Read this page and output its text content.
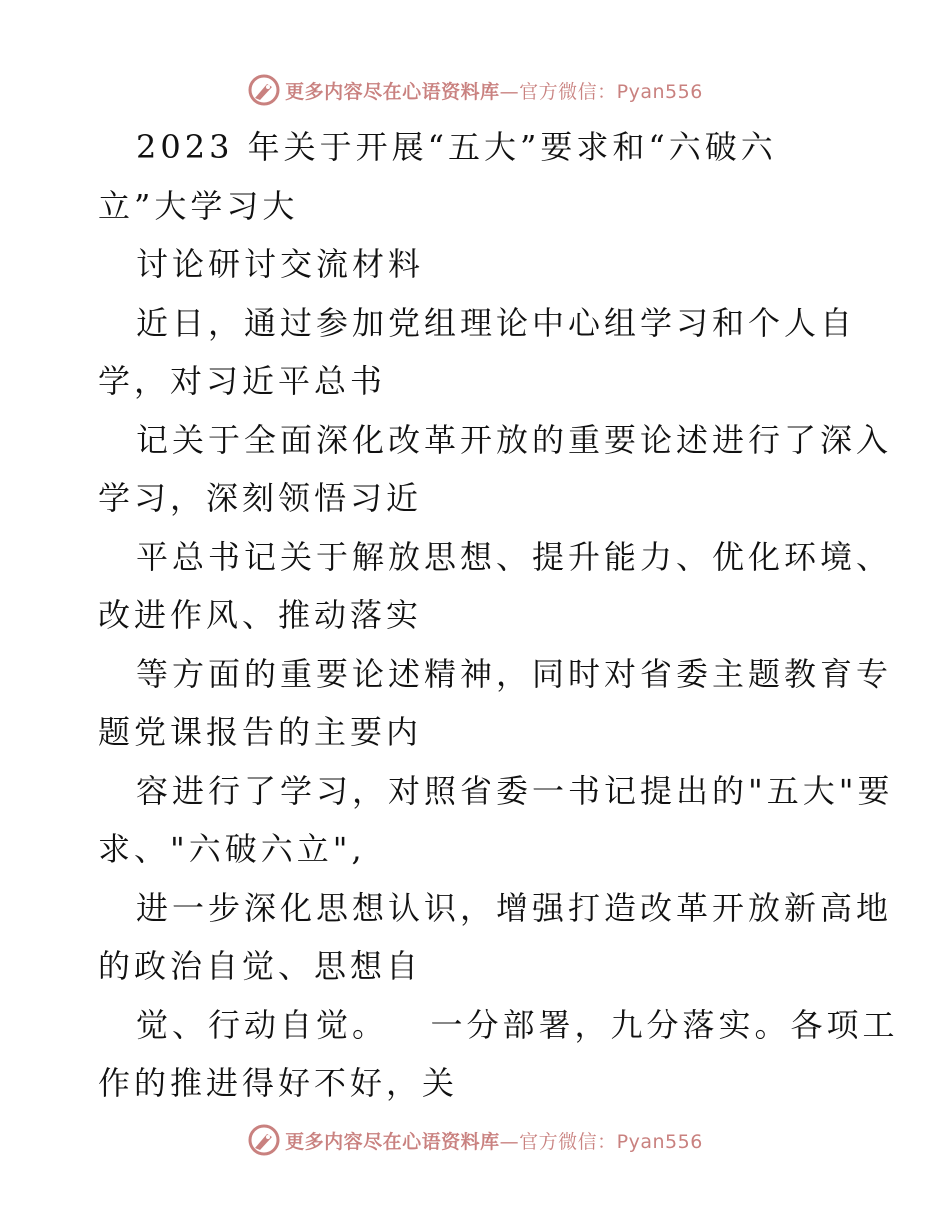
更多内容尽在心语资料库—官方微信：Pyan556
2023 年关于开展“五大”要求和“六破六
立”大学习大
讨论研讨交流材料
近日，通过参加党组理论中心组学习和个人自
学，对习近平总书
记关于全面深化改革开放的重要论述进行了深入
学习，深刻领悟习近
平总书记关于解放思想、提升能力、优化环境、
改进作风、推动落实
等方面的重要论述精神，同时对省委主题教育专
题党课报告的主要内
容进行了学习，对照省委一书记提出的"五大"要
求、"六破六立",
进一步深化思想认识，增强打造改革开放新高地
的政治自觉、思想自
觉、行动自觉。   一分部署，九分落实。各项工
作的推进得好不好，关
更多内容尽在心语资料库—官方微信：Pyan556
